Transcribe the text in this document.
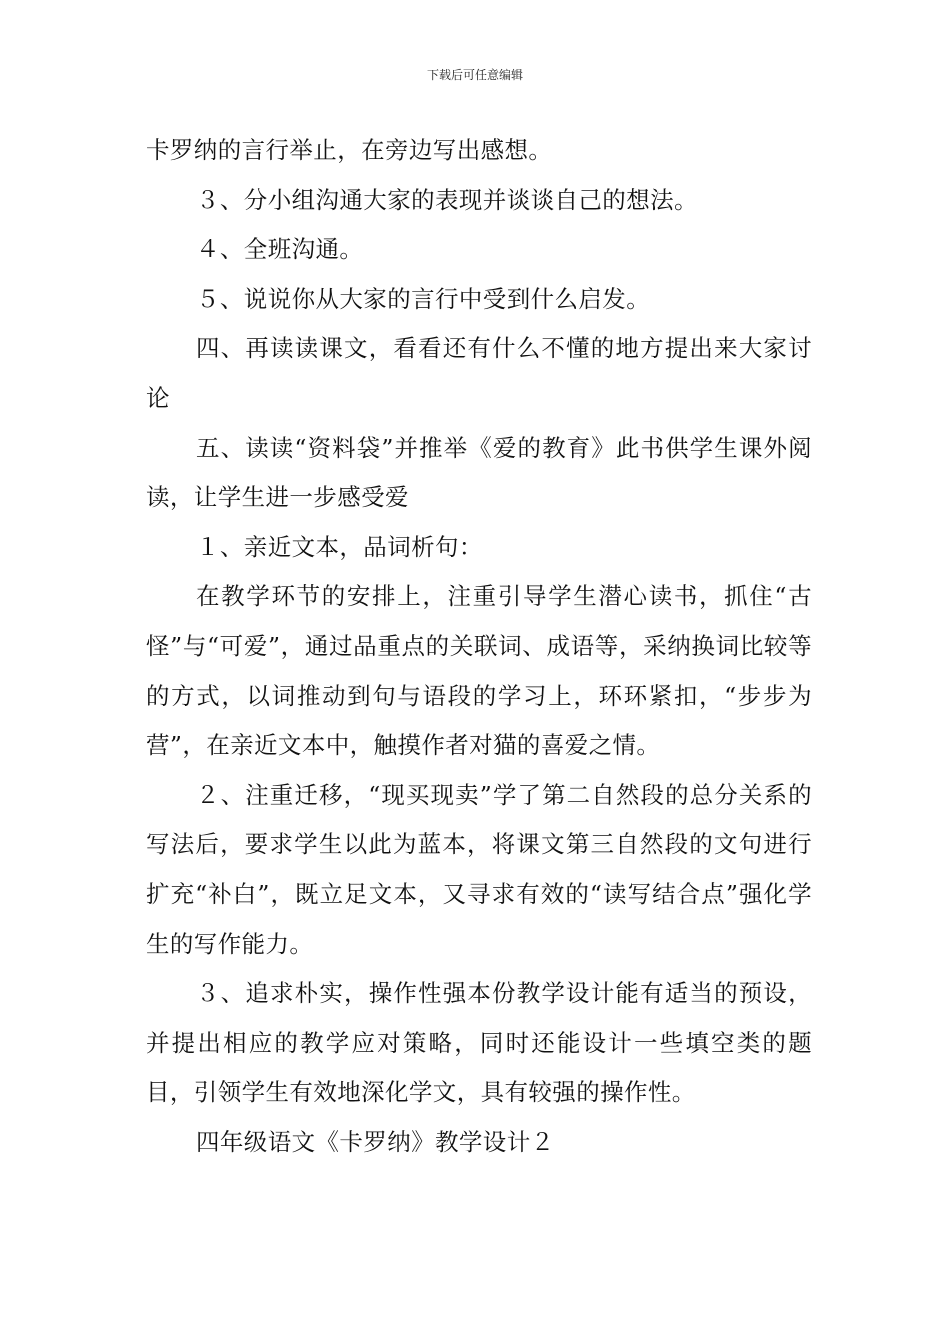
下载后可任意编辑

卡罗纳的言行举止，在旁边写出感想。

３、分小组沟通大家的表现并谈谈自己的想法。

４、全班沟通。

５、说说你从大家的言行中受到什么启发。

四、再读读课文，看看还有什么不懂的地方提出来大家讨论

五、读读“资料袋”并推举《爱的教育》此书供学生课外阅读，让学生进一步感受爱

１、亲近文本，品词析句：

在教学环节的安排上，注重引导学生潜心读书，抓住“古怪”与“可爱”，通过品重点的关联词、成语等，采纳换词比较等的方式，以词推动到句与语段的学习上，环环紧扣，“步步为营”，在亲近文本中，触摸作者对猫的喜爱之情。

２、注重迁移，“现买现卖”学了第二自然段的总分关系的写法后，要求学生以此为蓝本，将课文第三自然段的文句进行扩充“补白”，既立足文本，又寻求有效的“读写结合点”强化学生的写作能力。

３、追求朴实，操作性强本份教学设计能有适当的预设，并提出相应的教学应对策略，同时还能设计一些填空类的题目，引领学生有效地深化学文，具有较强的操作性。

四年级语文《卡罗纳》教学设计２
